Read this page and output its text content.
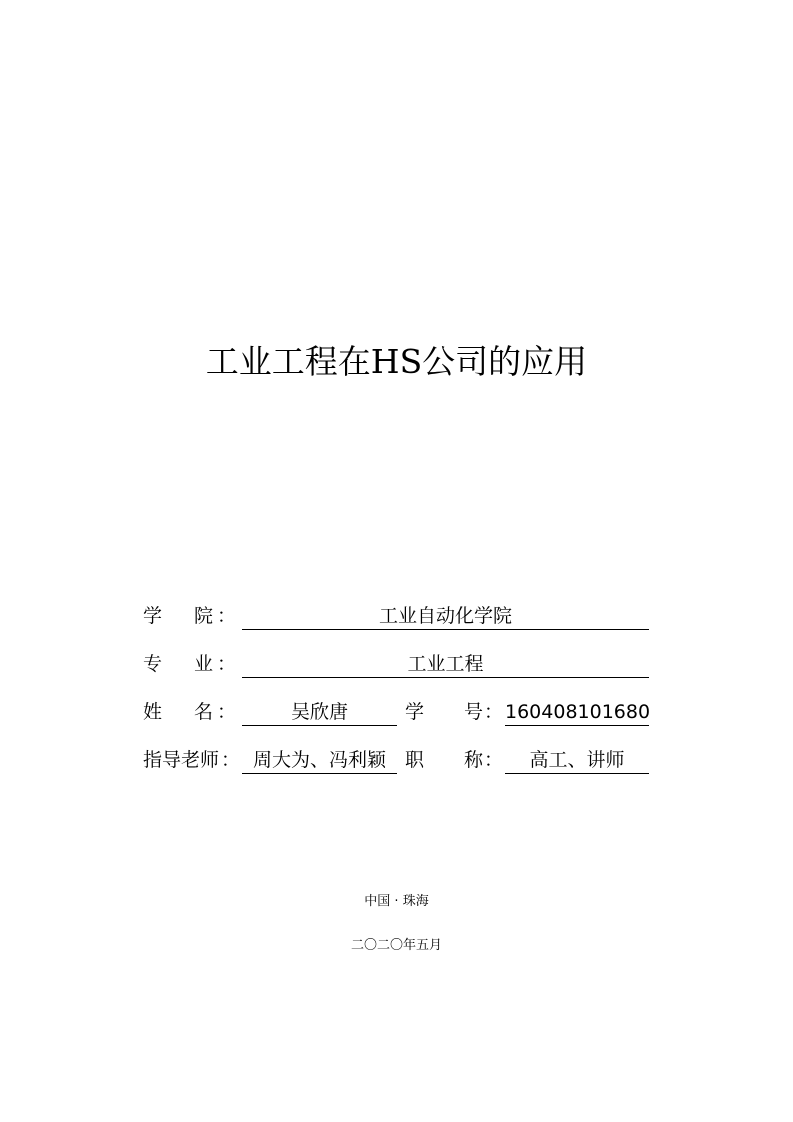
工业工程在HS公司的应用
学 院 ：	工业自动化学院
专 业 ：	工业工程
姓 名 ：	吴欣唐	学 号 ： 160408101680
指导老师 ： 周大为、冯利颖	职 称 ：	高工、讲师
中国 · 珠海
二〇二〇年五月
